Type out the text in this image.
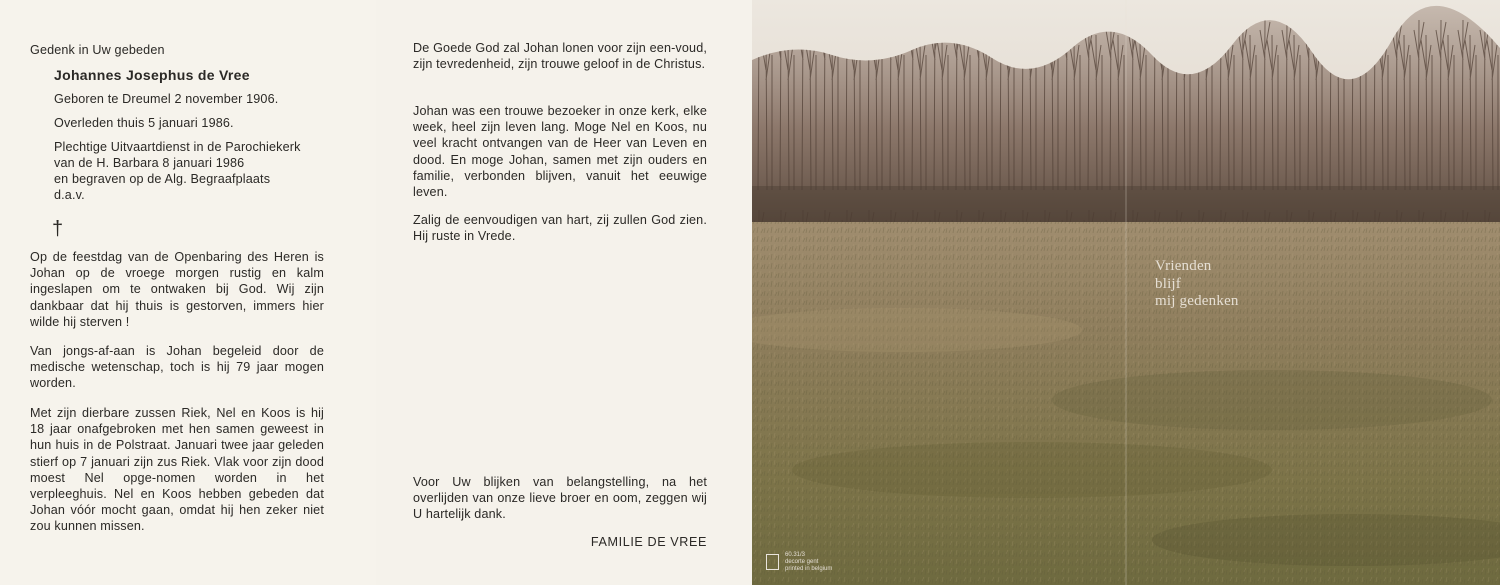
Gedenk in Uw gebeden

Johannes Josephus de Vree

Geboren te Dreumel 2 november 1906.

Overleden thuis 5 januari 1986.

Plechtige Uitvaartdienst in de Parochiekerk

van de H. Barbara 8 januari 1986

en begraven op de Alg. Begraafplaats

d.a.v.

†

Op de feestdag van de Openbaring des Heren is Johan op de vroege morgen rustig en kalm ingeslapen om te ontwaken bij God. Wij zijn dankbaar dat hij thuis is gestorven, immers hier wilde hij sterven !

Van jongs-af-aan is Johan begeleid door de medische wetenschap, toch is hij 79 jaar mogen worden.

Met zijn dierbare zussen Riek, Nel en Koos is hij 18 jaar onafgebroken met hen samen geweest in hun huis in de Polstraat. Januari twee jaar geleden stierf op 7 januari zijn zus Riek. Vlak voor zijn dood moest Nel opge-nomen worden in het verpleeghuis. Nel en Koos hebben gebeden dat Johan vóór mocht gaan, omdat hij hen zeker niet zou kunnen missen.

De Goede God zal Johan lonen voor zijn een-voud, zijn tevredenheid, zijn trouwe geloof in de Christus.

Johan was een trouwe bezoeker in onze kerk, elke week, heel zijn leven lang. Moge Nel en Koos, nu veel kracht ontvangen van de Heer van Leven en dood. En moge Johan, samen met zijn ouders en familie, verbonden blijven, vanuit het eeuwige leven.

Zalig de eenvoudigen van hart, zij zullen God zien. Hij ruste in Vrede.

Voor Uw blijken van belangstelling, na het overlijden van onze lieve broer en oom, zeggen wij U hartelijk dank.

FAMILIE DE VREE

Vrienden
blijf
mij gedenken
60.31/3
decorte gent
printed in belgium
